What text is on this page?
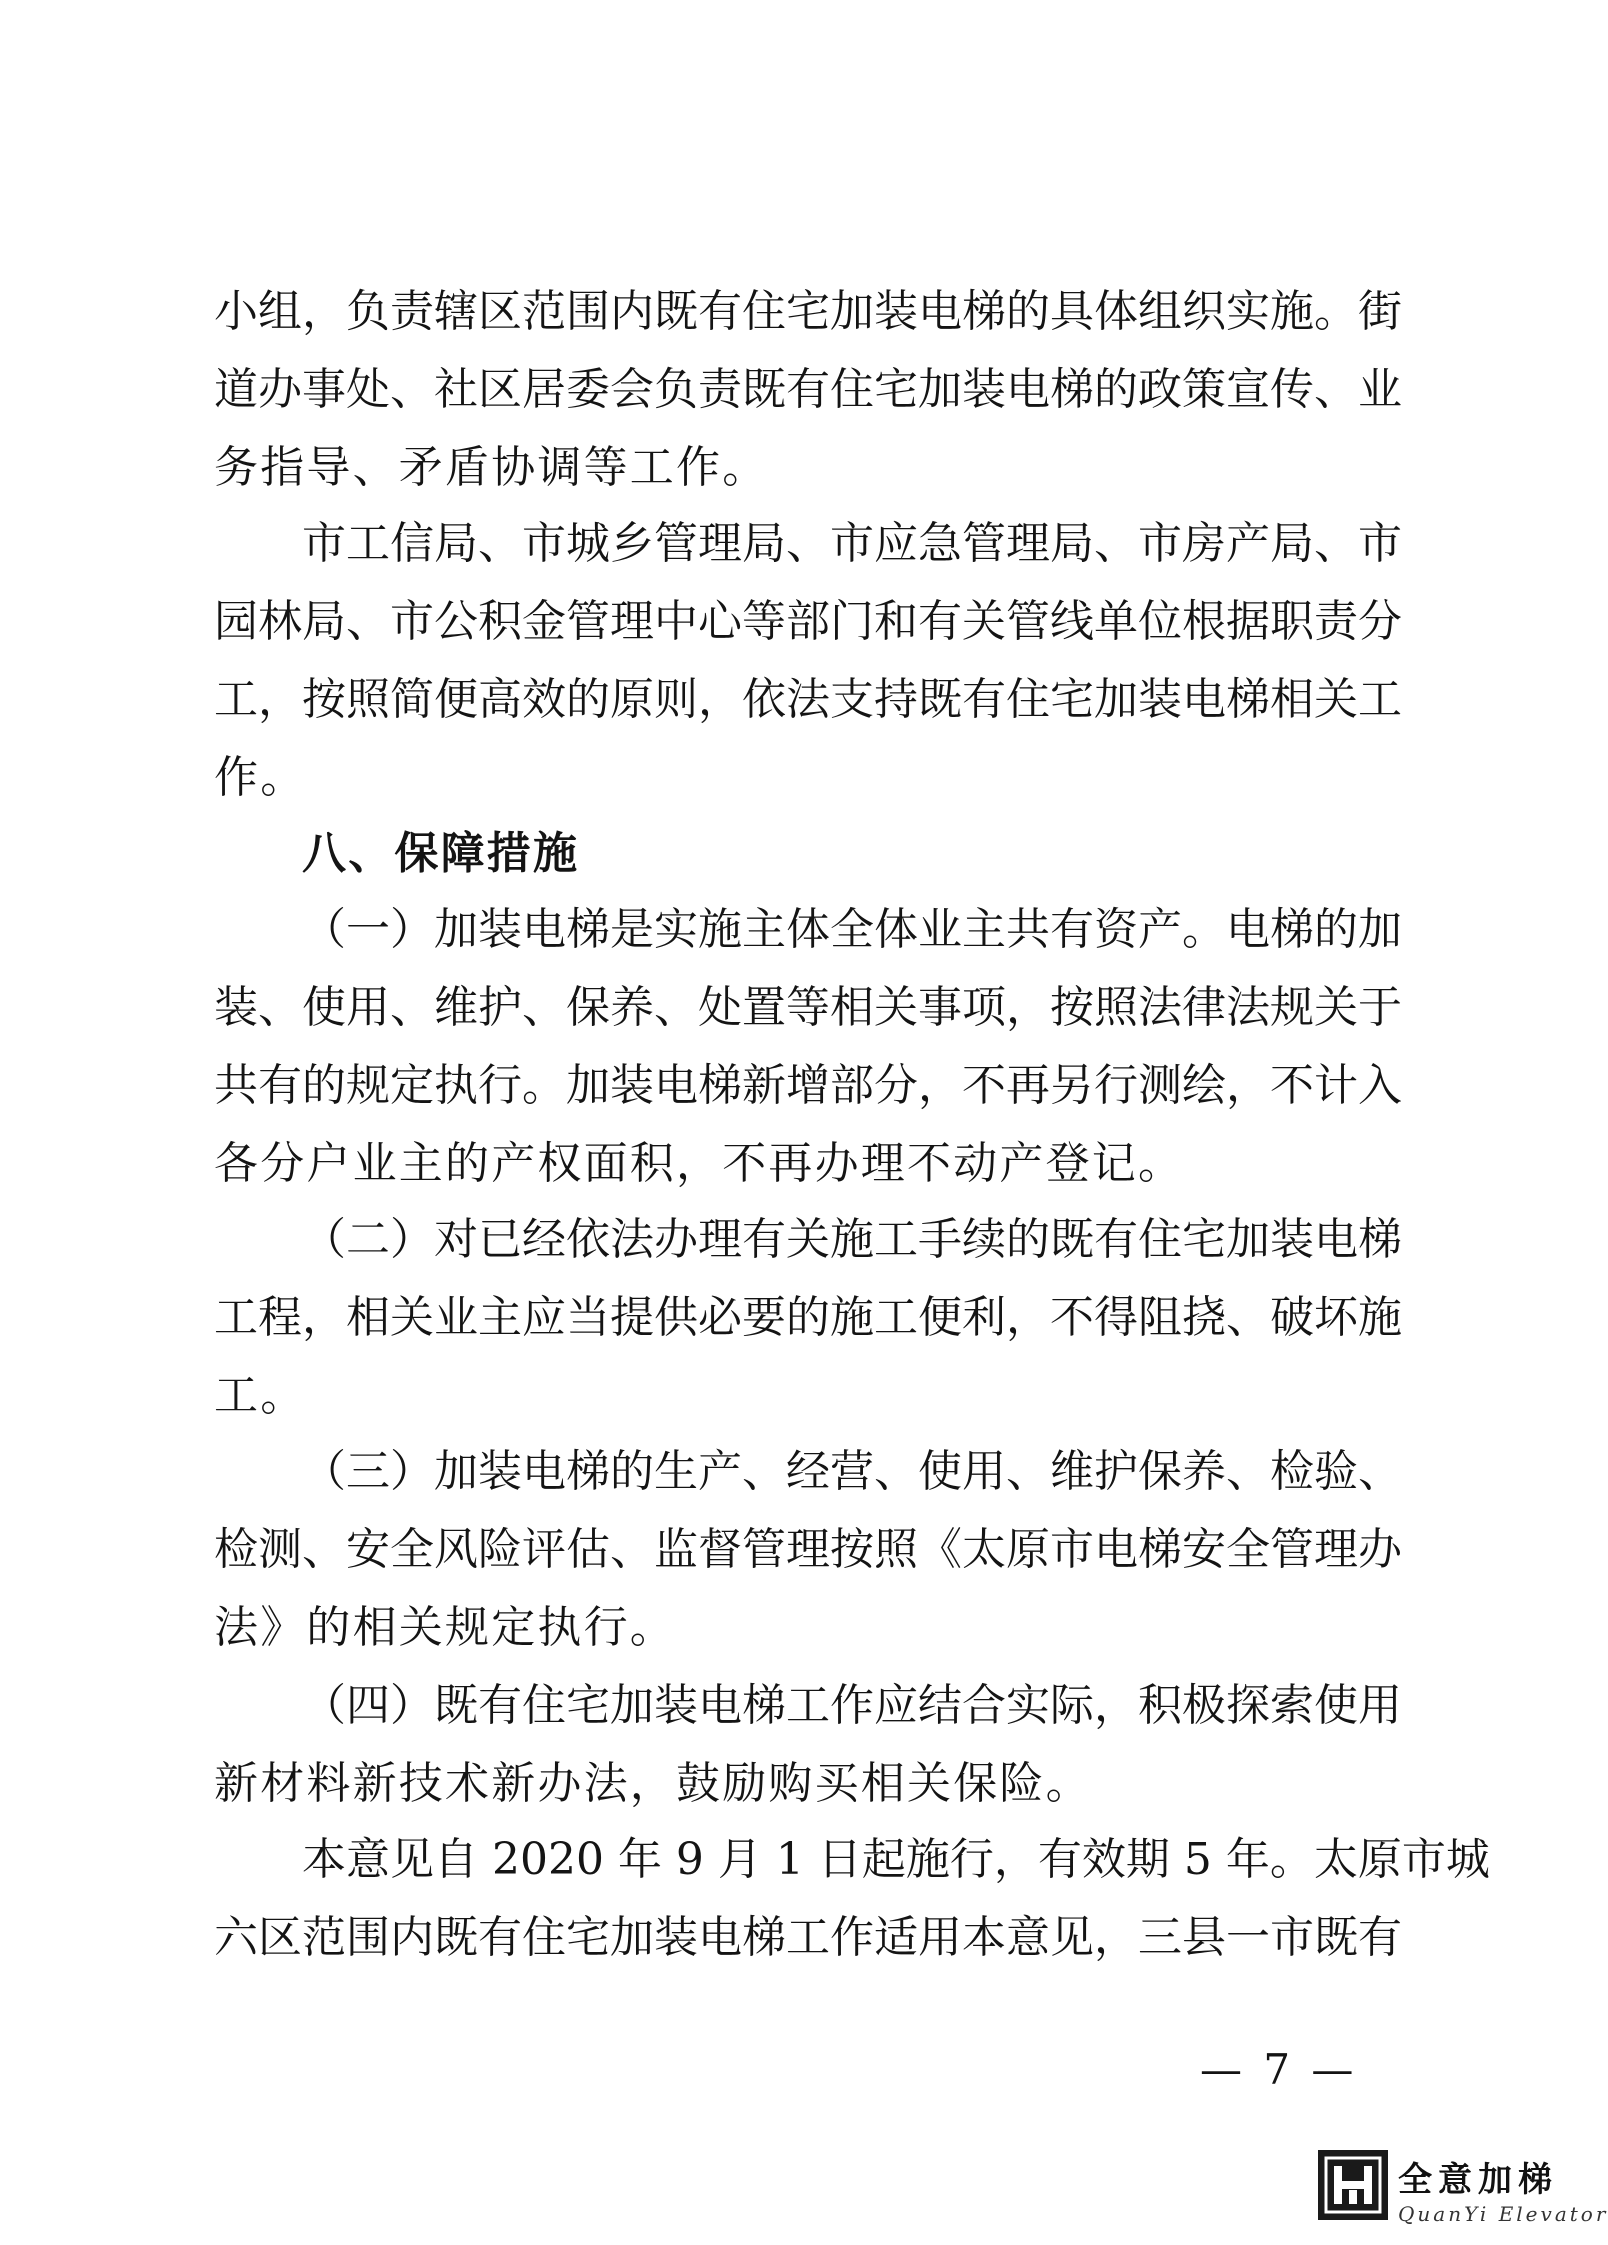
小组，负责辖区范围内既有住宅加装电梯的具体组织实施。街
道办事处、社区居委会负责既有住宅加装电梯的政策宣传、业
务指导、矛盾协调等工作。
市工信局、市城乡管理局、市应急管理局、市房产局、市
园林局、市公积金管理中心等部门和有关管线单位根据职责分
工，按照简便高效的原则，依法支持既有住宅加装电梯相关工
作。
八、保障措施
（一）加装电梯是实施主体全体业主共有资产。电梯的加
装、使用、维护、保养、处置等相关事项，按照法律法规关于
共有的规定执行。加装电梯新增部分，不再另行测绘，不计入
各分户业主的产权面积，不再办理不动产登记。
（二）对已经依法办理有关施工手续的既有住宅加装电梯
工程，相关业主应当提供必要的施工便利，不得阻挠、破坏施
工。
（三）加装电梯的生产、经营、使用、维护保养、检验、
检测、安全风险评估、监督管理按照《太原市电梯安全管理办
法》的相关规定执行。
（四）既有住宅加装电梯工作应结合实际，积极探索使用
新材料新技术新办法，鼓励购买相关保险。
本意见自 2020 年 9 月 1 日起施行，有效期 5 年。太原市城
六区范围内既有住宅加装电梯工作适用本意见，三县一市既有
— 7 —
全意加梯
QuanYi Elevator
